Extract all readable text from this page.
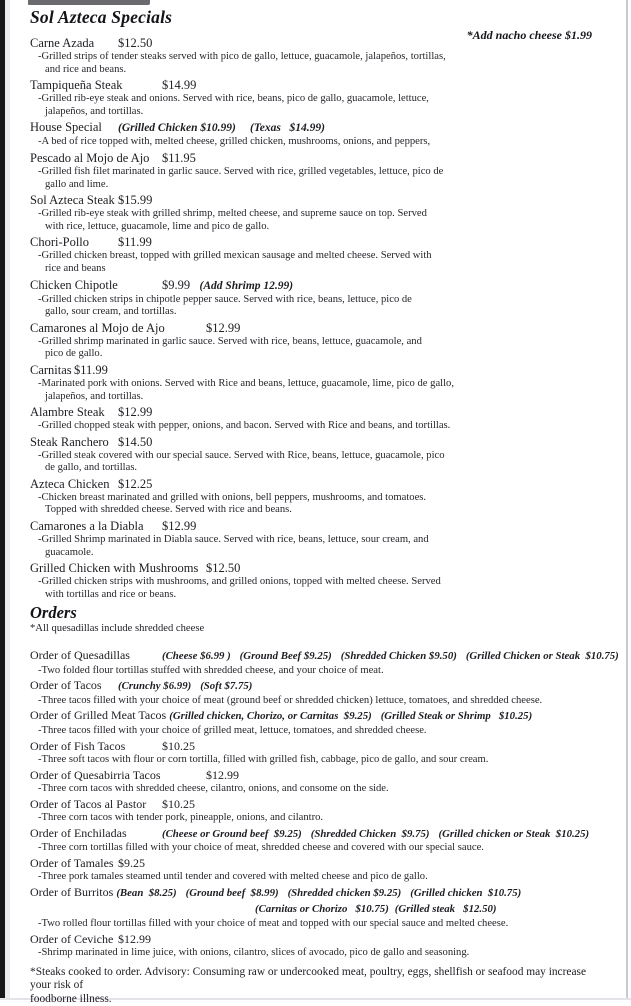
*Add nacho cheese $1.99
Sol Azteca Specials
Carne Azada	$12.50
-Grilled strips of tender steaks served with pico de gallo, lettuce, guacamole, jalapeños, tortillas,
and rice and beans.
Tampiqueña Steak		$14.99
-Grilled rib-eye steak and onions. Served with rice, beans, pico de gallo, guacamole, lettuce,
jalapeños, and tortillas.
House Special	(Grilled Chicken $10.99)	(Texas   $14.99)
-A bed of rice topped with, melted cheese, grilled chicken, mushrooms, onions, and peppers,
Pescado al Mojo de Ajo	$11.95
-Grilled fish filet marinated in garlic sauce. Served with rice, grilled vegetables, lettuce, pico de
gallo and lime.
Sol Azteca Steak	$15.99
-Grilled rib-eye steak with grilled shrimp, melted cheese, and supreme sauce on top. Served
with rice, lettuce, guacamole, lime and pico de gallo.
Chori-Pollo	$11.99
-Grilled chicken breast, topped with grilled mexican sausage and melted cheese. Served with
rice and beans
Chicken Chipotle		$9.99 (Add Shrimp 12.99)
-Grilled chicken strips in chipotle pepper sauce. Served with rice, beans, lettuce, pico de
gallo, sour cream, and tortillas.
Camarones al Mojo de Ajo		$12.99
-Grilled shrimp marinated in garlic sauce. Served with rice, beans, lettuce, guacamole, and
pico de gallo.
Carnitas	$11.99
-Marinated pork with onions. Served with Rice and beans, lettuce, guacamole, lime, pico de gallo,
jalapeños, and tortillas.
Alambre Steak	$12.99
-Grilled chopped steak with pepper, onions, and bacon. Served with Rice and beans, and tortillas.
Steak Ranchero	$14.50
-Grilled steak covered with our special sauce. Served with Rice, beans, lettuce, guacamole, pico
de gallo, and tortillas.
Azteca Chicken	$12.25
-Chicken breast marinated and grilled with onions, bell peppers, mushrooms, and tomatoes.
Topped with shredded cheese. Served with rice and beans.
Camarones a la Diabla	$12.99
-Grilled Shrimp marinated in Diabla sauce. Served with rice, beans, lettuce, sour cream, and
guacamole.
Grilled Chicken with Mushrooms	$12.50
-Grilled chicken strips with mushrooms, and grilled onions, topped with melted cheese. Served
with tortillas and rice or beans.
Orders
*All quesadillas include shredded cheese
Order of Quesadillas		(Cheese $6.99 ) (Ground Beef $9.25) (Shredded Chicken $9.50) (Grilled Chicken or Steak  $10.75)
-Two folded flour tortillas stuffed with shredded cheese, and your choice of meat.
Order of Tacos	(Crunchy $6.99) (Soft $7.75)
-Three tacos filled with your choice of meat (ground beef or shredded chicken) lettuce, tomatoes, and shredded cheese.
Order of Grilled Meat Tacos (Grilled chicken, Chorizo, or Carnitas  $9.25) (Grilled Steak or Shrimp   $10.25)
-Three tacos filled with your choice of grilled meat, lettuce, tomatoes, and shredded cheese.
Order of Fish Tacos		$10.25
-Three soft tacos with flour or corn tortilla, filled with grilled fish, cabbage, pico de gallo, and sour cream.
Order of Quesabirria Tacos		$12.99
-Three corn tacos with shredded cheese, cilantro, onions, and consome on the side.
Order of Tacos al Pastor	$10.25
-Three corn tacos with tender pork, pineapple, onions, and cilantro.
Order of Enchiladas		(Cheese or Ground beef  $9.25) (Shredded Chicken  $9.75) (Grilled chicken or Steak  $10.25)
-Three corn tortillas filled with your choice of meat, shredded cheese and covered with our special sauce.
Order of Tamales	$9.25
-Three pork tamales steamed until tender and covered with melted cheese and pico de gallo.
Order of Burritos (Bean  $8.25) (Ground beef  $8.99) (Shredded chicken $9.25) (Grilled chicken  $10.75)
(Carnitas or Chorizo   $10.75) (Grilled steak   $12.50)
-Two rolled flour tortillas filled with your choice of meat and topped with our special sauce and melted cheese.
Order of Ceviche	$12.99
-Shrimp marinated in lime juice, with onions, cilantro, slices of avocado, pico de gallo and seasoning.
*Steaks cooked to order. Advisory: Consuming raw or undercooked meat, poultry, eggs, shellfish or seafood may increase your risk of
foodborne illness.
